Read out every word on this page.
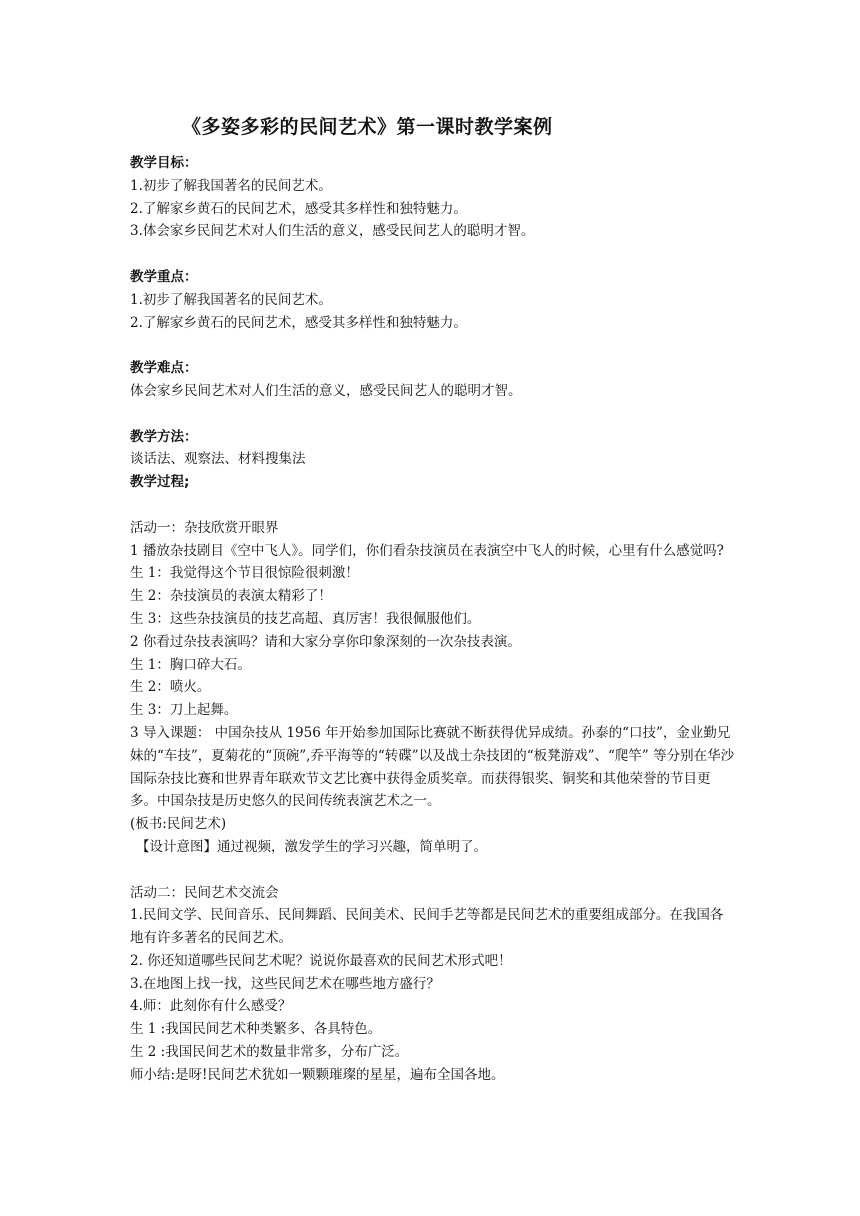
《多姿多彩的民间艺术》第一课时教学案例

教学目标：

1.初步了解我国著名的民间艺术。

2.了解家乡黄石的民间艺术，感受其多样性和独特魅力。

3.体会家乡民间艺术对人们生活的意义，感受民间艺人的聪明才智。

教学重点：

1.初步了解我国著名的民间艺术。

2.了解家乡黄石的民间艺术，感受其多样性和独特魅力。

教学难点：

体会家乡民间艺术对人们生活的意义，感受民间艺人的聪明才智。

教学方法：

谈话法、观察法、材料搜集法

教学过程;

活动一：杂技欣赏开眼界

1 播放杂技剧目《空中飞人》。同学们，你们看杂技演员在表演空中飞人的时候，心里有什么感觉吗?

生 1：我觉得这个节目很惊险很刺激！

生 2：杂技演员的表演太精彩了！

生 3：这些杂技演员的技艺高超、真厉害！我很佩服他们。

2 你看过杂技表演吗？请和大家分享你印象深刻的一次杂技表演。

生 1：胸口碎大石。

生 2：喷火。

生 3：刀上起舞。

3 导入课题： 中国杂技从 1956 年开始参加国际比赛就不断获得优异成绩。孙泰的“口技”，金业勤兄妹的“车技”，夏菊花的“顶碗”,乔平海等的“转碟”以及战士杂技团的“板凳游戏”、“爬竿” 等分别在华沙国际杂技比赛和世界青年联欢节文艺比赛中获得金质奖章。而获得银奖、铜奖和其他荣誉的节目更多。中国杂技是历史悠久的民间传统表演艺术之一。

(板书:民间艺术)

【设计意图】通过视频，激发学生的学习兴趣，简单明了。

活动二：民间艺术交流会

1.民间文学、民间音乐、民间舞蹈、民间美术、民间手艺等都是民间艺术的重要组成部分。在我国各地有许多著名的民间艺术。

2. 你还知道哪些民间艺术呢？说说你最喜欢的民间艺术形式吧！

3.在地图上找一找，这些民间艺术在哪些地方盛行？

4.师：此刻你有什么感受？

生 1 :我国民间艺术种类繁多、各具特色。

生 2 :我国民间艺术的数量非常多，分布广泛。

师小结:是呀!民间艺术犹如一颗颗璀璨的星星，遍布全国各地。
